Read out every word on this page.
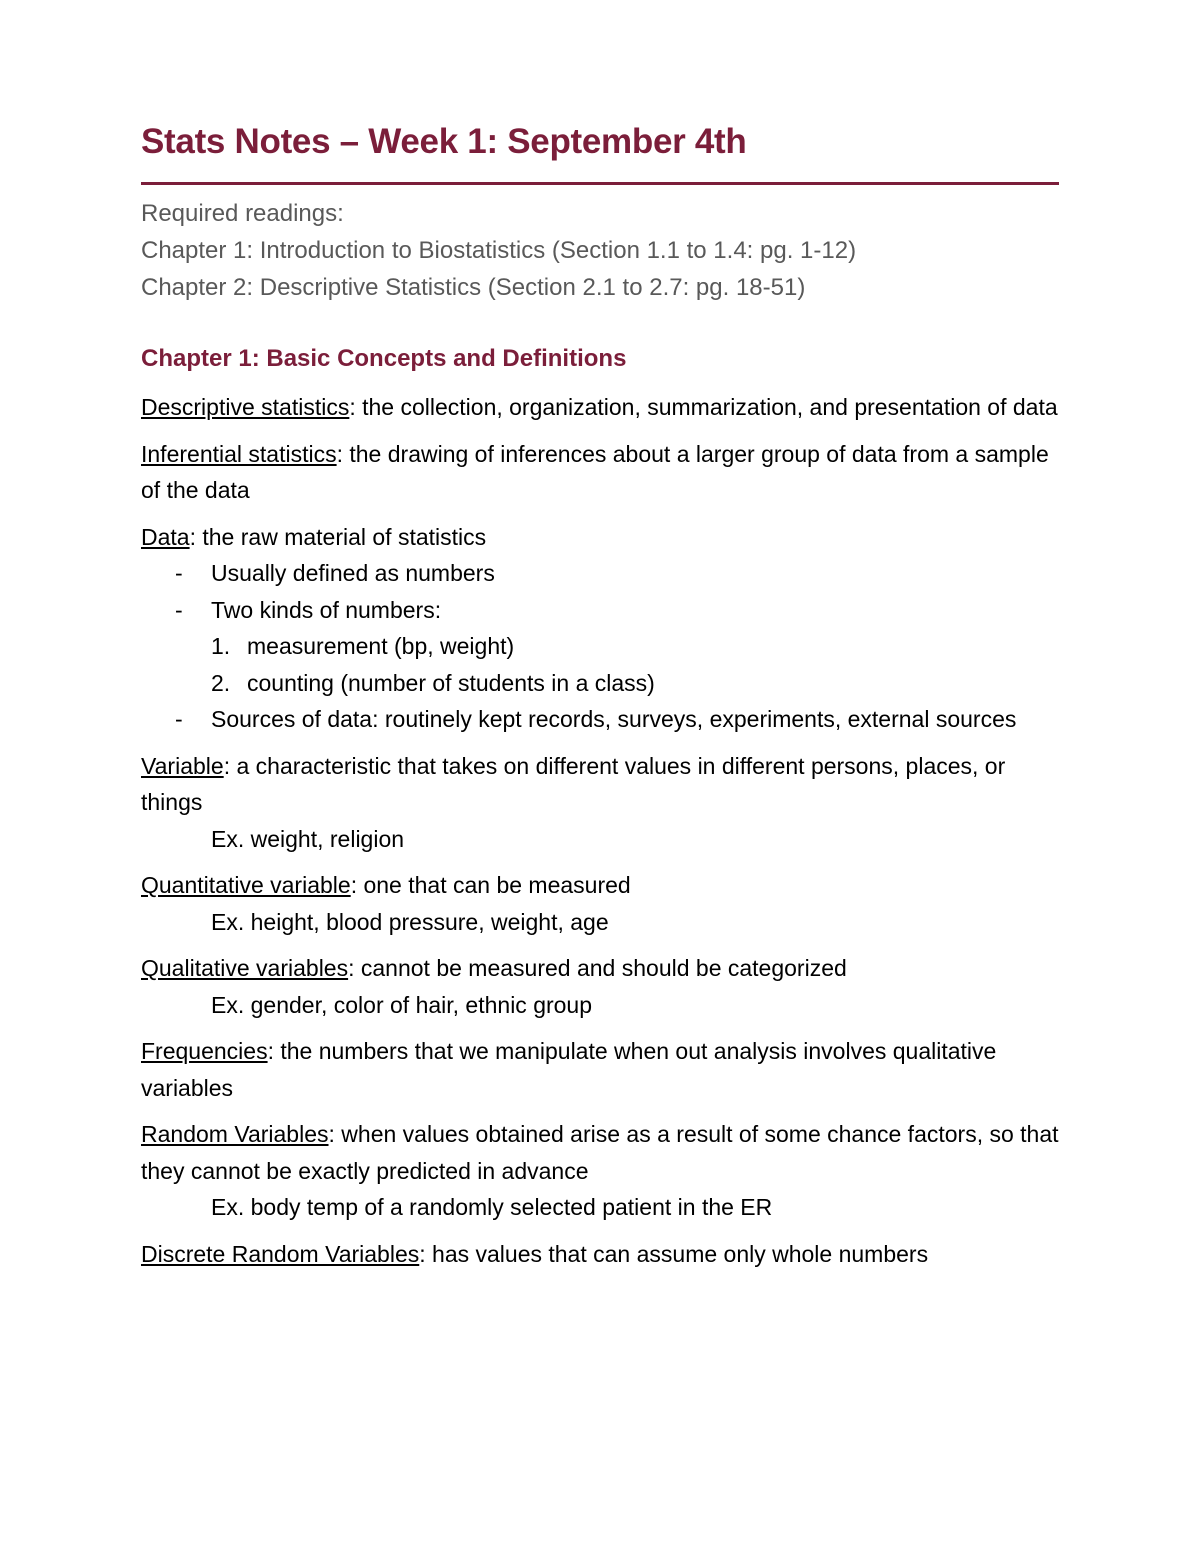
Stats Notes – Week 1: September 4th
Required readings:
Chapter 1: Introduction to Biostatistics (Section 1.1 to 1.4: pg. 1-12)
Chapter 2: Descriptive Statistics (Section 2.1 to 2.7: pg. 18-51)
Chapter 1: Basic Concepts and Definitions
Descriptive statistics: the collection, organization, summarization, and presentation of data
Inferential statistics: the drawing of inferences about a larger group of data from a sample of the data
Data: the raw material of statistics
- Usually defined as numbers
- Two kinds of numbers:
1. measurement (bp, weight)
2. counting (number of students in a class)
- Sources of data: routinely kept records, surveys, experiments, external sources
Variable: a characteristic that takes on different values in different persons, places, or things
Ex. weight, religion
Quantitative variable: one that can be measured
Ex. height, blood pressure, weight, age
Qualitative variables: cannot be measured and should be categorized
Ex. gender, color of hair, ethnic group
Frequencies: the numbers that we manipulate when out analysis involves qualitative variables
Random Variables: when values obtained arise as a result of some chance factors, so that they cannot be exactly predicted in advance
Ex. body temp of a randomly selected patient in the ER
Discrete Random Variables: has values that can assume only whole numbers
